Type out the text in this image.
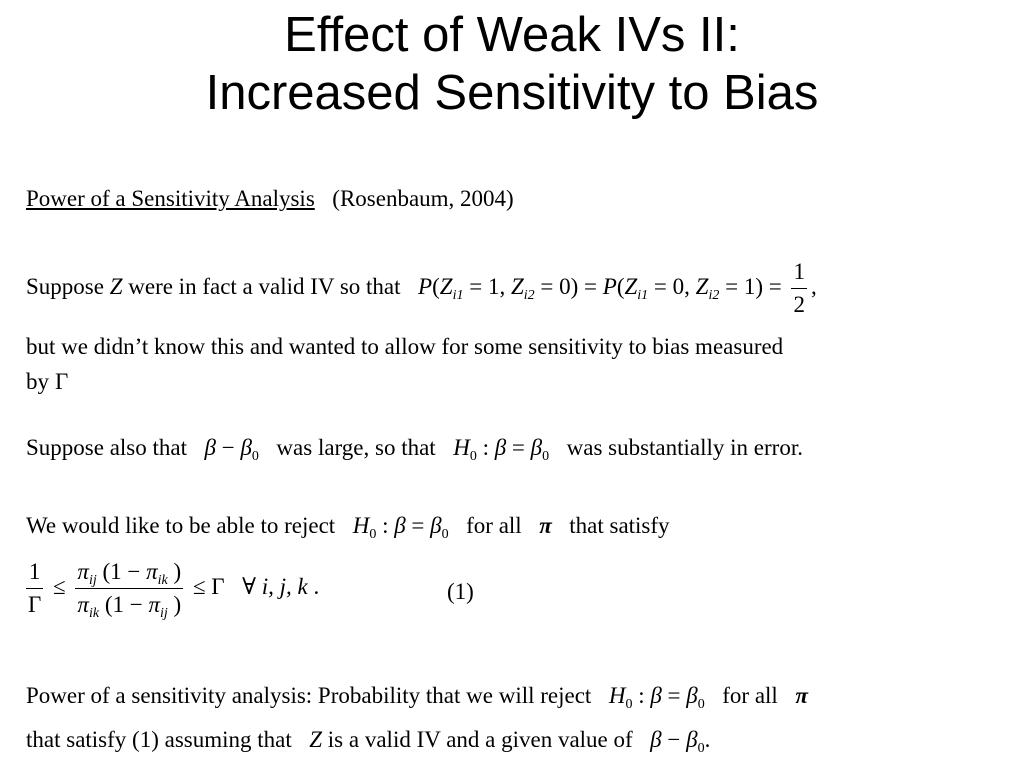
Effect of Weak IVs II:
Increased Sensitivity to Bias
Power of a Sensitivity Analysis (Rosenbaum, 2004)
Suppose Z were in fact a valid IV so that $P(Z_{i1} = 1$, $Z_{i2} = 0) = P(Z_{i1} = 0$, $Z_{i2} = 1) = \frac{1}{2}$ ,
but we didn’t know this and wanted to allow for some sensitivity to bias measured
by Γ
Suppose also that $\beta - \beta_0$ was large, so that $H_0$ : $\beta = \beta_0$ was substantially in error.
We would like to be able to reject $H_0$ : $\beta = \beta_0$ for all π that satisfy
$\frac{1}{\Gamma} \le \frac{\pi_{ij} (1 - \pi_{ik} )}{\pi_{ik} (1 - \pi_{ij} )} \le \Gamma$ ∀ i, j, k .	(1)
Power of a sensitivity analysis: Probability that we will reject $H_0$ : $\beta = \beta_0$ for all π
that satisfy (1) assuming that Z is a valid IV and a given value of $\beta - \beta_0$.
